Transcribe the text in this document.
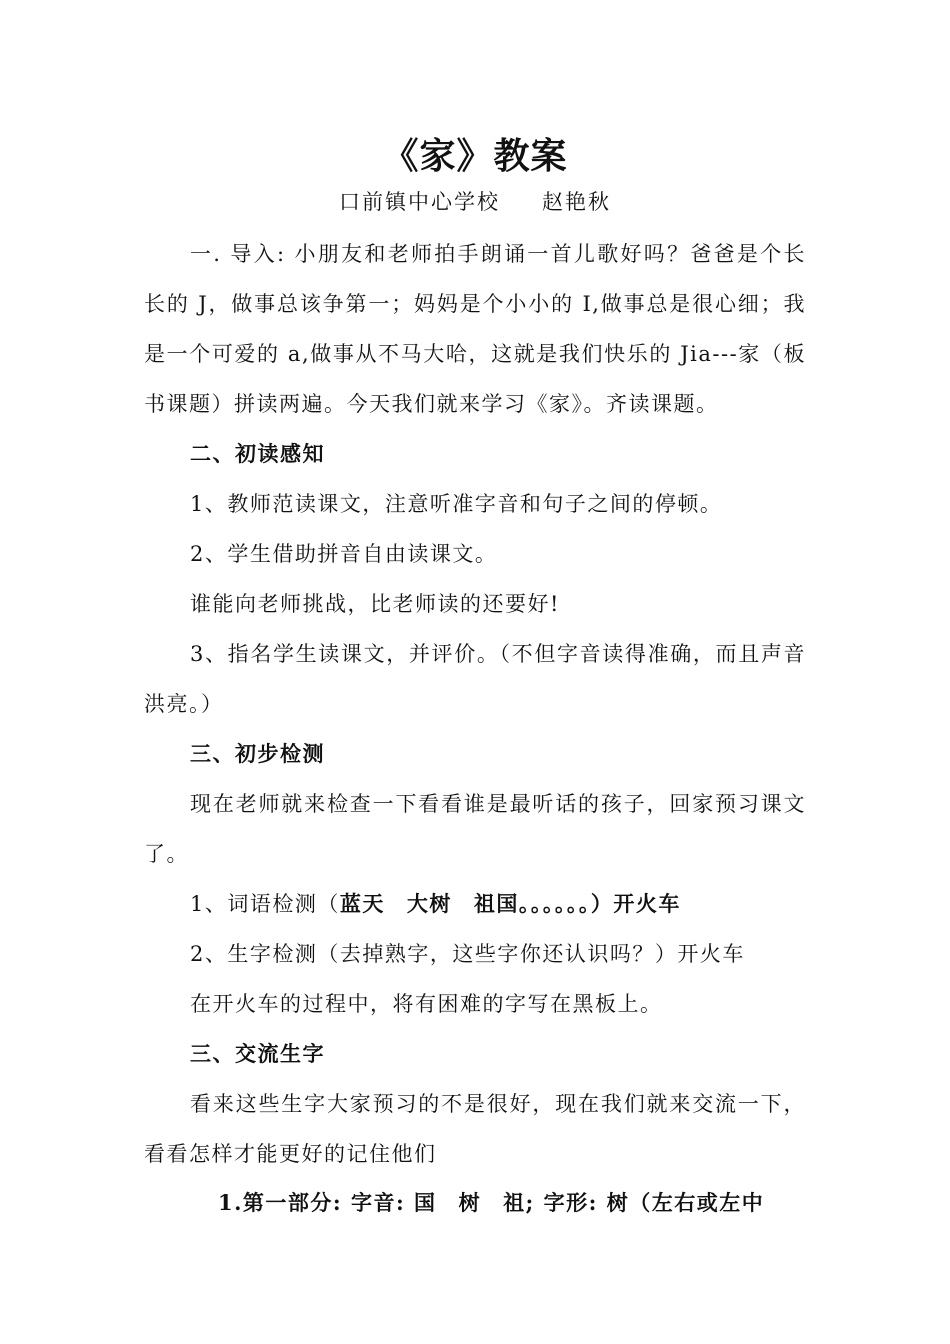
《家》教案
口前镇中心学校 赵艳秋
一. 导入: 小朋友和老师拍手朗诵一首儿歌好吗？爸爸是个长
长的 J，做事总该争第一；妈妈是个小小的 I,做事总是很心细；我
是一个可爱的 a,做事从不马大哈，这就是我们快乐的 Jia---家（板
书课题）拼读两遍。今天我们就来学习《家》。齐读课题。
二、初读感知
1、教师范读课文，注意听准字音和句子之间的停顿。
2、学生借助拼音自由读课文。
谁能向老师挑战，比老师读的还要好!
3、指名学生读课文，并评价。（不但字音读得准确，而且声音
洪亮。）
三、初步检测
现在老师就来检查一下看看谁是最听话的孩子，回家预习课文
了。
1、词语检测（蓝天 大树 祖国。。。。。。）开火车
2、生字检测（去掉熟字，这些字你还认识吗？）开火车
在开火车的过程中，将有困难的字写在黑板上。
三、交流生字
看来这些生字大家预习的不是很好，现在我们就来交流一下，
看看怎样才能更好的记住他们
1.第一部分: 字音: 国 树 祖; 字形: 树（左右或左中
